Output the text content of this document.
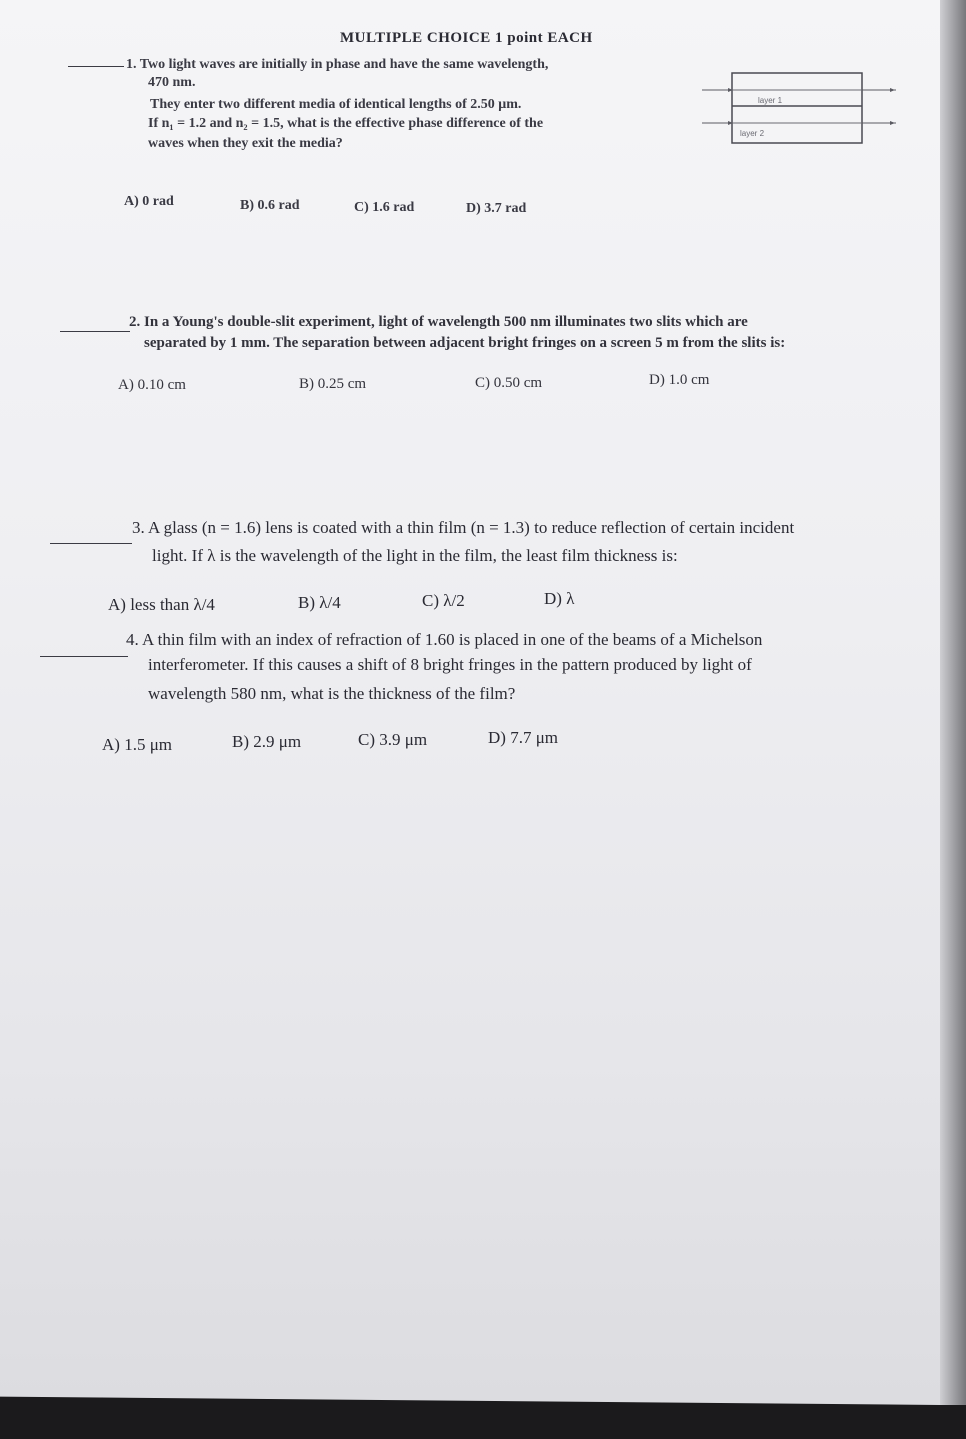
MULTIPLE CHOICE 1 point EACH
1. Two light waves are initially in phase and have the same wavelength,
470 nm.
They enter two different media of identical lengths of 2.50 μm.
If n₁ = 1.2 and n₂ = 1.5, what is the effective phase difference of the
waves when they exit the media?
layer 1
layer 2
A) 0 rad	B) 0.6 rad	C) 1.6 rad	D) 3.7 rad
2. In a Young's double-slit experiment, light of wavelength 500 nm illuminates two slits which are
separated by 1 mm. The separation between adjacent bright fringes on a screen 5 m from the slits is:
A) 0.10 cm	B) 0.25 cm	C) 0.50 cm	D) 1.0 cm
3. A glass (n = 1.6) lens is coated with a thin film (n = 1.3) to reduce reflection of certain incident
light. If λ is the wavelength of the light in the film, the least film thickness is:
A) less than λ/4	B) λ/4	C) λ/2	D) λ
4. A thin film with an index of refraction of 1.60 is placed in one of the beams of a Michelson
interferometer. If this causes a shift of 8 bright fringes in the pattern produced by light of
wavelength 580 nm, what is the thickness of the film?
A) 1.5 μm	B) 2.9 μm	C) 3.9 μm	D) 7.7 μm
